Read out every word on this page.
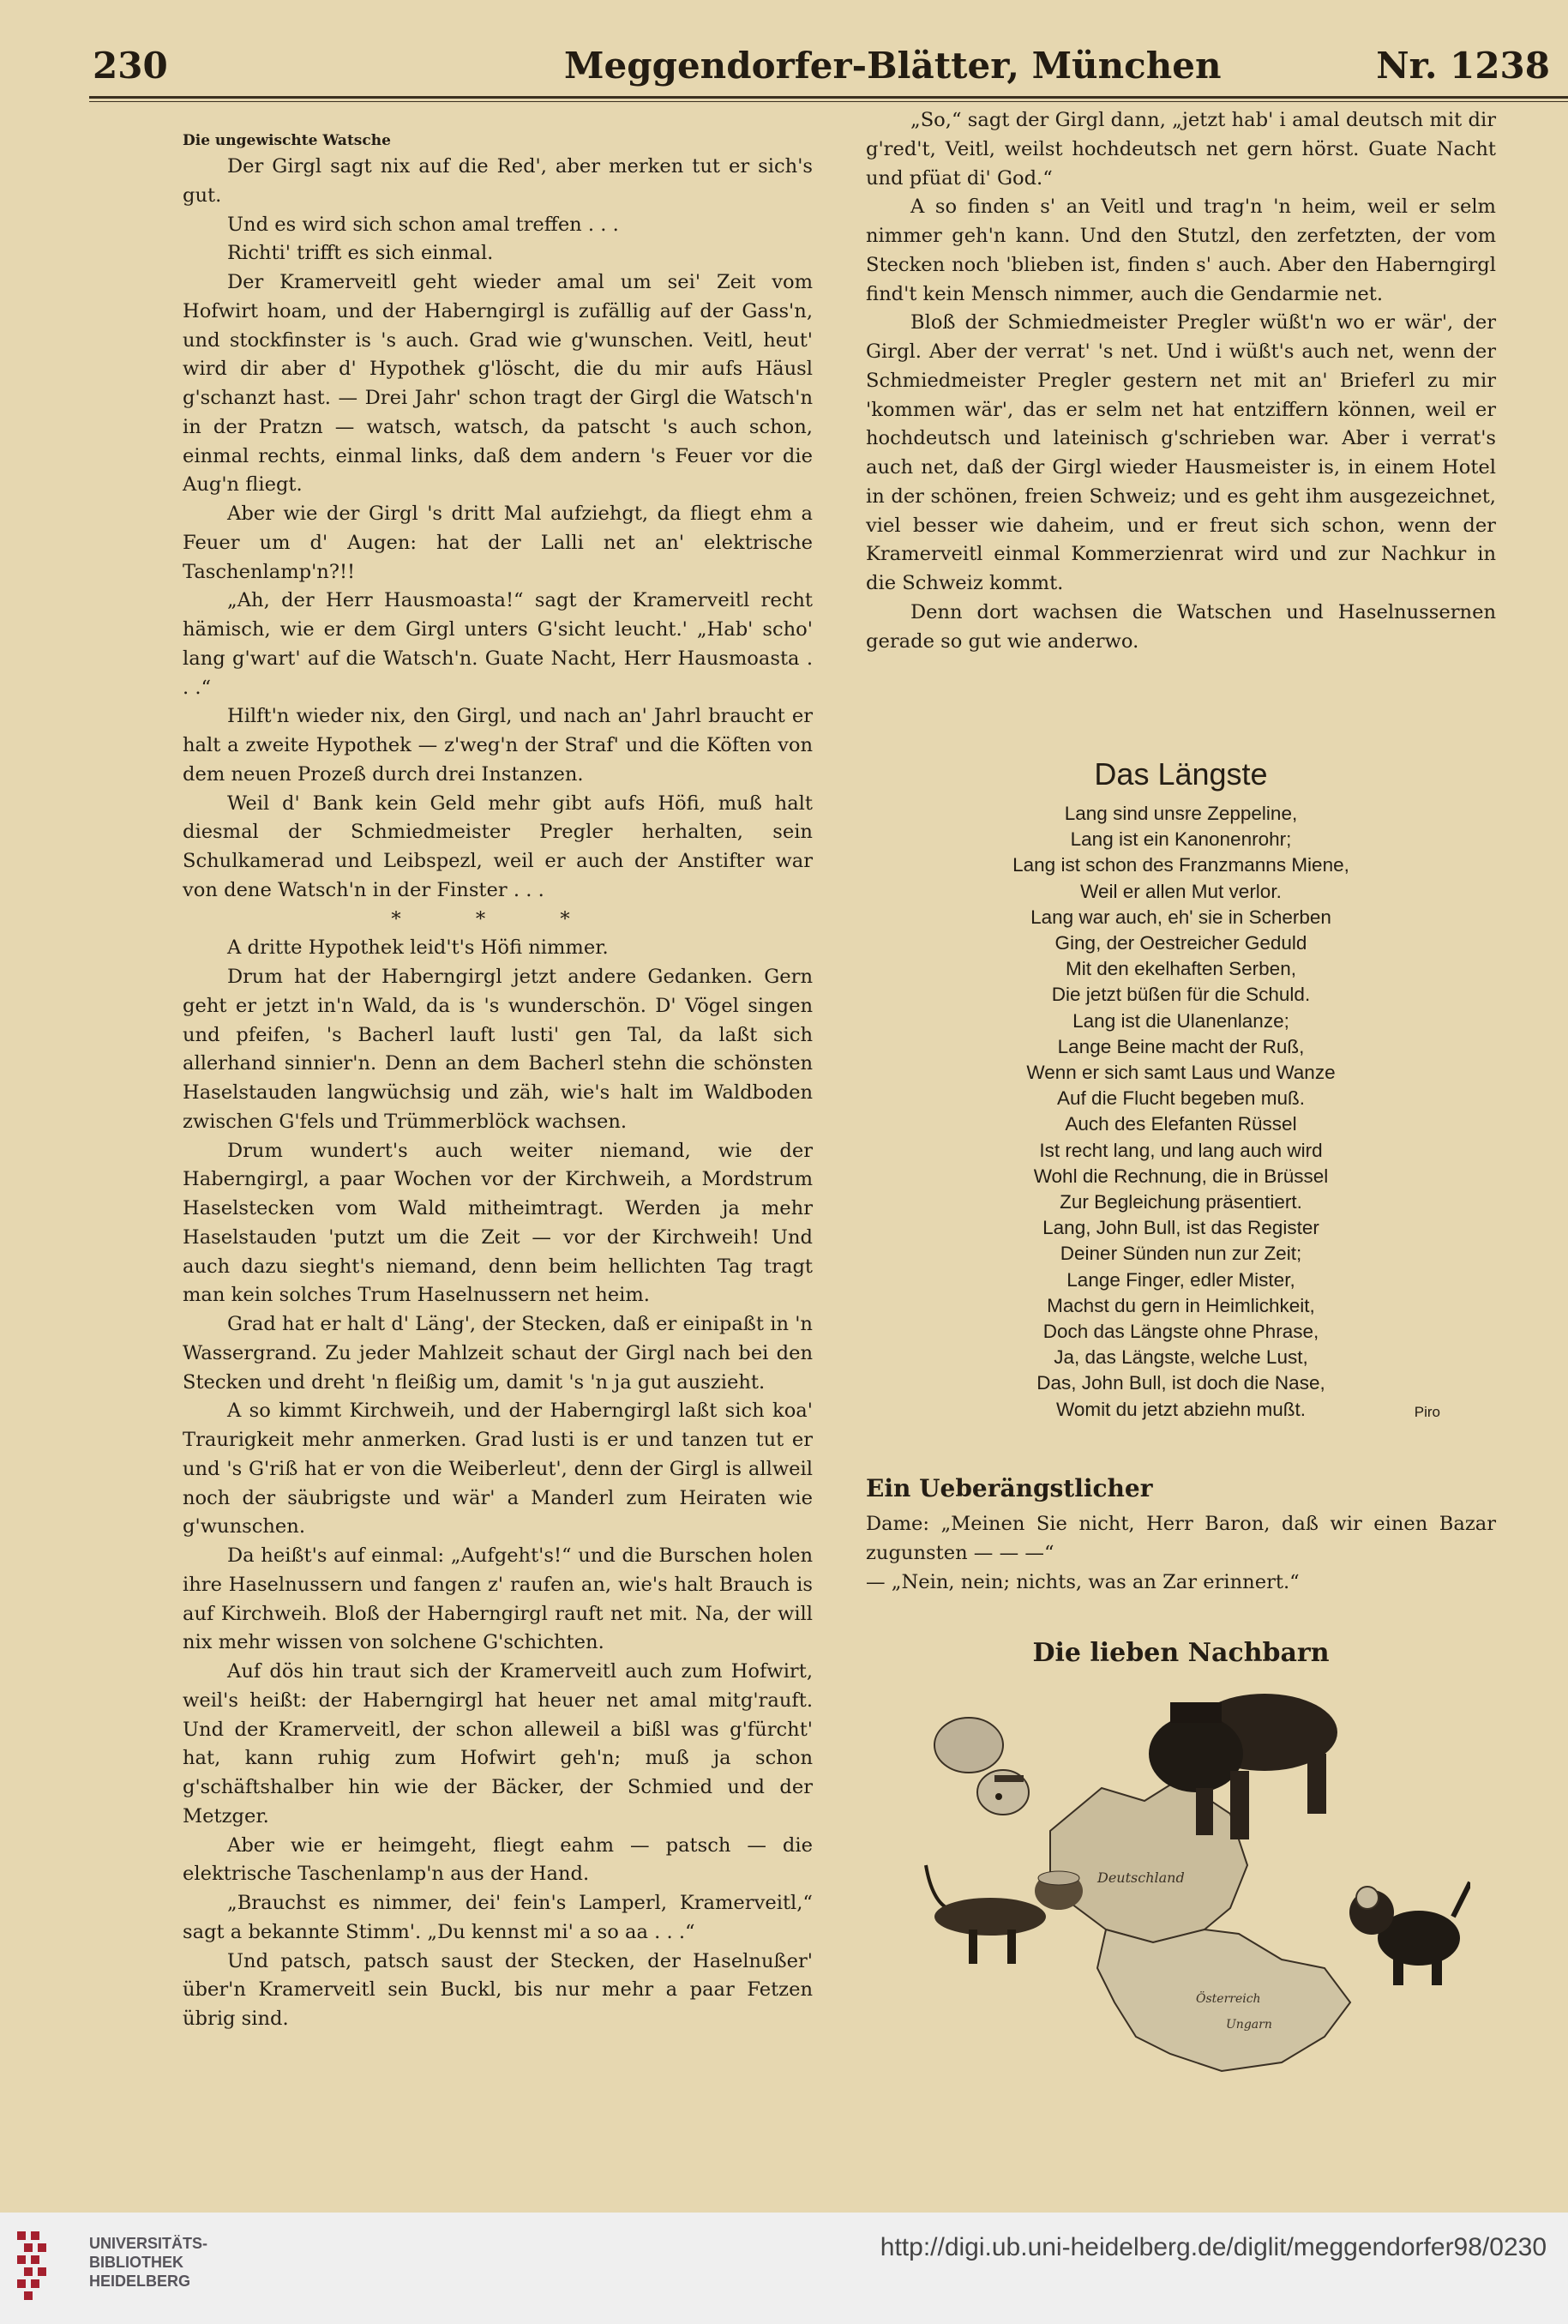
230	Meggendorfer-Blätter, München	Nr. 1238

Die ungewischte Watsche

Der Girgl sagt nix auf die Red', aber merken tut er sich's gut.

Und es wird sich schon amal treffen . . .

Richti' trifft es sich einmal.

Der Kramerveitl geht wieder amal um sei' Zeit vom Hofwirt hoam, und der Haberngirgl is zufällig auf der Gass'n, und stockfinster is 's auch. Grad wie g'wunschen. Veitl, heut' wird dir aber d' Hypothek g'löscht, die du mir aufs Häusl g'schanzt hast. — Drei Jahr' schon tragt der Girgl die Watsch'n in der Pratzn — watsch, watsch, da patscht 's auch schon, einmal rechts, einmal links, daß dem andern 's Feuer vor die Aug'n fliegt.

Aber wie der Girgl 's dritt Mal aufziehgt, da fliegt ehm a Feuer um d' Augen: hat der Lalli net an' elektrische Taschenlamp'n?!!

„Ah, der Herr Hausmoasta!“ sagt der Kramerveitl recht hämisch, wie er dem Girgl unters G'sicht leucht.' „Hab' scho' lang g'wart' auf die Watsch'n. Guate Nacht, Herr Hausmoasta . . .“

Hilft'n wieder nix, den Girgl, und nach an' Jahrl braucht er halt a zweite Hypothek — z'weg'n der Straf' und die Köften von dem neuen Prozeß durch drei Instanzen.

Weil d' Bank kein Geld mehr gibt aufs Höfi, muß halt diesmal der Schmiedmeister Pregler herhalten, sein Schulkamerad und Leibspezl, weil er auch der Anstifter war von dene Watsch'n in der Finster . . .

* * *

A dritte Hypothek leid't's Höfi nimmer.

Drum hat der Haberngirgl jetzt andere Gedanken. Gern geht er jetzt in'n Wald, da is 's wunderschön. D' Vögel singen und pfeifen, 's Bacherl lauft lusti' gen Tal, da laßt sich allerhand sinnier'n. Denn an dem Bacherl stehn die schönsten Haselstauden langwüchsig und zäh, wie's halt im Waldboden zwischen G'fels und Trümmerblöck wachsen.

Drum wundert's auch weiter niemand, wie der Haberngirgl, a paar Wochen vor der Kirchweih, a Mordstrum Haselstecken vom Wald mitheimtragt. Werden ja mehr Haselstauden 'putzt um die Zeit — vor der Kirchweih! Und auch dazu sieght's niemand, denn beim hellichten Tag tragt man kein solches Trum Haselnussern net heim.

Grad hat er halt d' Läng', der Stecken, daß er einipaßt in 'n Wassergrand. Zu jeder Mahlzeit schaut der Girgl nach bei den Stecken und dreht 'n fleißig um, damit 's 'n ja gut auszieht.

A so kimmt Kirchweih, und der Haberngirgl laßt sich koa' Traurigkeit mehr anmerken. Grad lusti is er und tanzen tut er und 's G'riß hat er von die Weiberleut', denn der Girgl is allweil noch der säubrigste und wär' a Manderl zum Heiraten wie g'wunschen.

Da heißt's auf einmal: „Aufgeht's!“ und die Burschen holen ihre Haselnussern und fangen z' raufen an, wie's halt Brauch is auf Kirchweih. Bloß der Haberngirgl rauft net mit. Na, der will nix mehr wissen von solchene G'schichten.

Auf dös hin traut sich der Kramerveitl auch zum Hofwirt, weil's heißt: der Haberngirgl hat heuer net amal mitg'rauft. Und der Kramerveitl, der schon alleweil a bißl was g'fürcht' hat, kann ruhig zum Hofwirt geh'n; muß ja schon g'schäftshalber hin wie der Bäcker, der Schmied und der Metzger.

Aber wie er heimgeht, fliegt eahm — patsch — die elektrische Taschenlamp'n aus der Hand.

„Brauchst es nimmer, dei' fein's Lamperl, Kramerveitl,“ sagt a bekannte Stimm'. „Du kennst mi' a so aa . . .“

Und patsch, patsch saust der Stecken, der Haselnußer' über'n Kramerveitl sein Buckl, bis nur mehr a paar Fetzen übrig sind.

„So,“ sagt der Girgl dann, „jetzt hab' i amal deutsch mit dir g'red't, Veitl, weilst hochdeutsch net gern hörst. Guate Nacht und pfüat di' God.“

A so finden s' an Veitl und trag'n 'n heim, weil er selm nimmer geh'n kann. Und den Stutzl, den zerfetzten, der vom Stecken noch 'blieben ist, finden s' auch. Aber den Haberngirgl find't kein Mensch nimmer, auch die Gendarmie net.

Bloß der Schmiedmeister Pregler wüßt'n wo er wär', der Girgl. Aber der verrat' 's net. Und i wüßt's auch net, wenn der Schmiedmeister Pregler gestern net mit an' Brieferl zu mir 'kommen wär', das er selm net hat entziffern können, weil er hochdeutsch und lateinisch g'schrieben war. Aber i verrat's auch net, daß der Girgl wieder Hausmeister is, in einem Hotel in der schönen, freien Schweiz; und es geht ihm ausgezeichnet, viel besser wie daheim, und er freut sich schon, wenn der Kramerveitl einmal Kommerzienrat wird und zur Nachkur in die Schweiz kommt.

Denn dort wachsen die Watschen und Haselnussernen gerade so gut wie anderwo.

Das Längste
Lang sind unsre Zeppeline,
Lang ist ein Kanonenrohr;
Lang ist schon des Franzmanns Miene,
Weil er allen Mut verlor.
Lang war auch, eh' sie in Scherben
Ging, der Oestreicher Geduld
Mit den ekelhaften Serben,
Die jetzt büßen für die Schuld.
Lang ist die Ulanenlanze;
Lange Beine macht der Ruß,
Wenn er sich samt Laus und Wanze
Auf die Flucht begeben muß.
Auch des Elefanten Rüssel
Ist recht lang, und lang auch wird
Wohl die Rechnung, die in Brüssel
Zur Begleichung präsentiert.
Lang, John Bull, ist das Register
Deiner Sünden nun zur Zeit;
Lange Finger, edler Mister,
Machst du gern in Heimlichkeit,
Doch das Längste ohne Phrase,
Ja, das Längste, welche Lust,
Das, John Bull, ist doch die Nase,
Womit du jetzt abziehn mußt.	Piro
Ein Ueberängstlicher

Dame: „Meinen Sie nicht, Herr Baron, daß wir einen Bazar zugunsten — — —“

— „Nein, nein; nichts, was an Zar erinnert.“

Die lieben Nachbarn
Deutschland
Österreich
Ungarn
UNIVERSITÄTS-
BIBLIOTHEK
HEIDELBERG
http://digi.ub.uni-heidelberg.de/diglit/meggendorfer98/0230
